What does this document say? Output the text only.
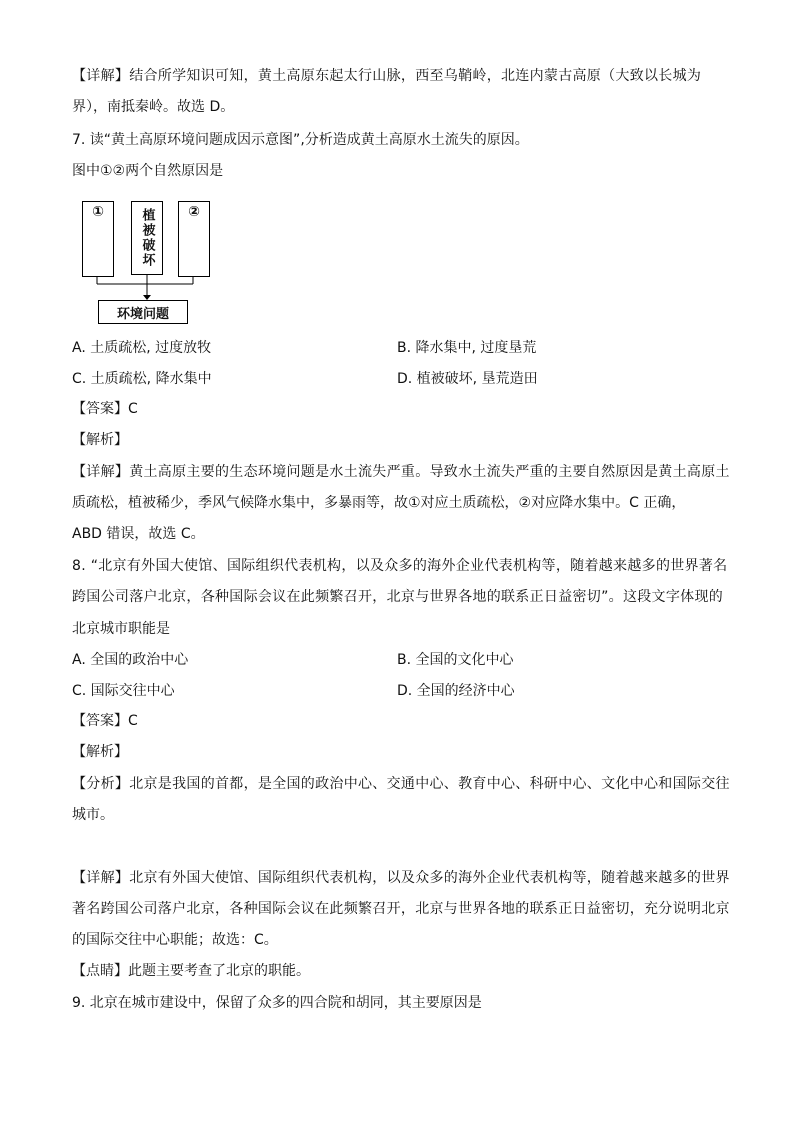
【详解】结合所学知识可知，黄土高原东起太行山脉，西至乌鞘岭，北连内蒙古高原（大致以长城为
界），南抵秦岭。故选 D。
7. 读“黄土高原环境问题成因示意图”,分析造成黄土高原水土流失的原因。
图中①②两个自然原因是
①	植被破坏	②
环境问题
A. 土质疏松, 过度放牧	B. 降水集中, 过度垦荒
C. 土质疏松, 降水集中	D. 植被破坏, 垦荒造田
【答案】C
【解析】
【详解】黄土高原主要的生态环境问题是水土流失严重。导致水土流失严重的主要自然原因是黄土高原土
质疏松，植被稀少，季风气候降水集中，多暴雨等，故①对应土质疏松，②对应降水集中。C 正确，
ABD 错误，故选 C。
8. “北京有外国大使馆、国际组织代表机构，以及众多的海外企业代表机构等，随着越来越多的世界著名
跨国公司落户北京，各种国际会议在此频繁召开，北京与世界各地的联系正日益密切”。这段文字体现的
北京城市职能是
A. 全国的政治中心	B. 全国的文化中心
C. 国际交往中心	D. 全国的经济中心
【答案】C
【解析】
【分析】北京是我国的首都，是全国的政治中心、交通中心、教育中心、科研中心、文化中心和国际交往
城市。
【详解】北京有外国大使馆、国际组织代表机构，以及众多的海外企业代表机构等，随着越来越多的世界
著名跨国公司落户北京，各种国际会议在此频繁召开，北京与世界各地的联系正日益密切，充分说明北京
的国际交往中心职能；故选：C。
【点睛】此题主要考查了北京的职能。
9. 北京在城市建设中，保留了众多的四合院和胡同，其主要原因是
